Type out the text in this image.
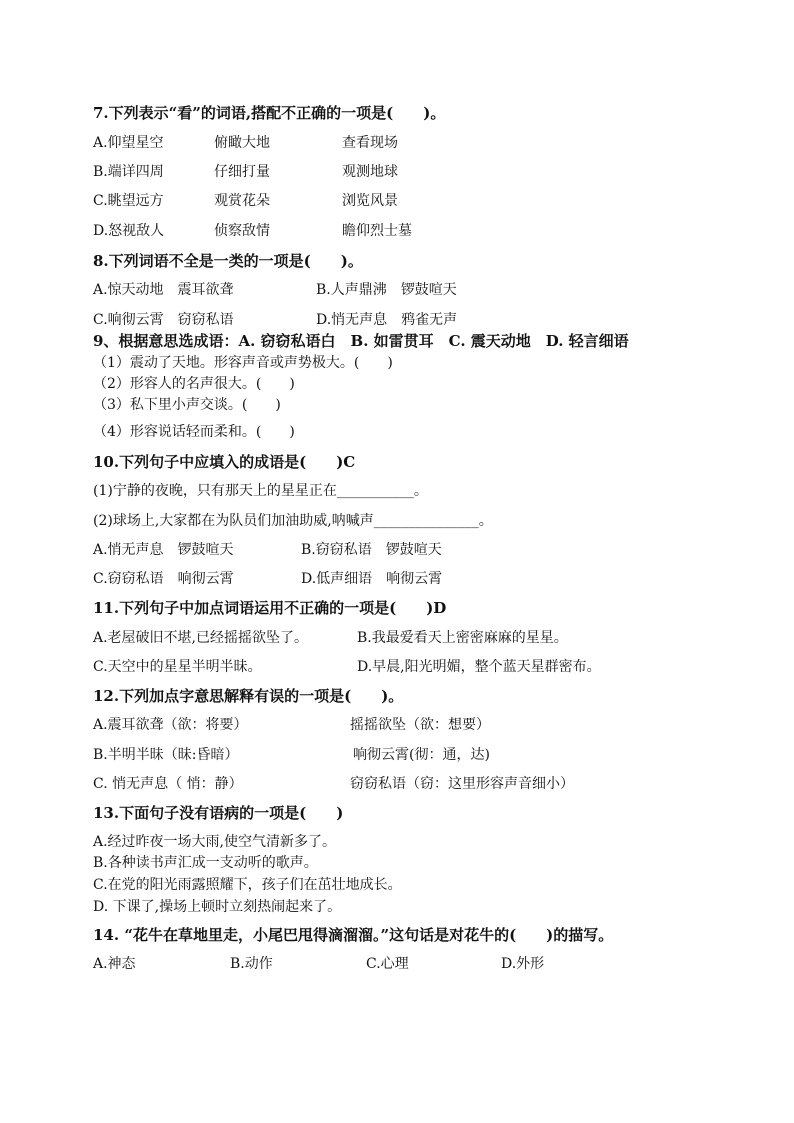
7.下列表示“看”的词语,搭配不正确的一项是(　　)。
A.仰望星空	俯瞰大地	查看现场
B.端详四周	仔细打量	观测地球
C.眺望远方	观赏花朵	浏览风景
D.怒视敌人	侦察敌情	瞻仰烈士墓
8.下列词语不全是一类的一项是(　　)。
A.惊天动地　震耳欲聋	B.人声鼎沸　锣鼓喧天
C.响彻云霄　窃窃私语	D.悄无声息　鸦雀无声
9、根据意思选成语：A. 窃窃私语白　B. 如雷贯耳　C. 震天动地　D. 轻言细语
（1）震动了天地。形容声音或声势极大。(　　)
（2）形容人的名声很大。(　　)
（3）私下里小声交谈。(　　)
（4）形容说话轻而柔和。(　　)
10.下列句子中应填入的成语是(　　)C
(1)宁静的夜晚，只有那天上的星星正在___________。
(2)球场上,大家都在为队员们加油助威,呐喊声_______________。
A.悄无声息　锣鼓喧天	B.窃窃私语　锣鼓喧天
C.窃窃私语　响彻云霄	D.低声细语　响彻云霄
11.下列句子中加点词语运用不正确的一项是(　　)D
A.老屋破旧不堪,已经摇摇欲坠了。	B.我最爱看天上密密麻麻的星星。
C.天空中的星星半明半昧。	D.早晨,阳光明媚，整个蓝天星群密布。
12.下列加点字意思解释有误的一项是(　　)。
A.震耳欲聋（欲：将要）	摇摇欲坠（欲：想要）
B.半明半昧（昧:昏暗）	响彻云霄(彻：通，达)
C. 悄无声息（ 悄：静）	窃窃私语（窃：这里形容声音细小）
13.下面句子没有语病的一项是(　　)
A.经过昨夜一场大雨,使空气清新多了。
B.各种读书声汇成一支动听的歌声。
C.在党的阳光雨露照耀下，孩子们在茁壮地成长。
D. 下课了,操场上顿时立刻热闹起来了。
14. “花牛在草地里走，小尾巴甩得滴溜溜。”这句话是对花牛的(　　)的描写。
A.神态	B.动作	C.心理	D.外形
